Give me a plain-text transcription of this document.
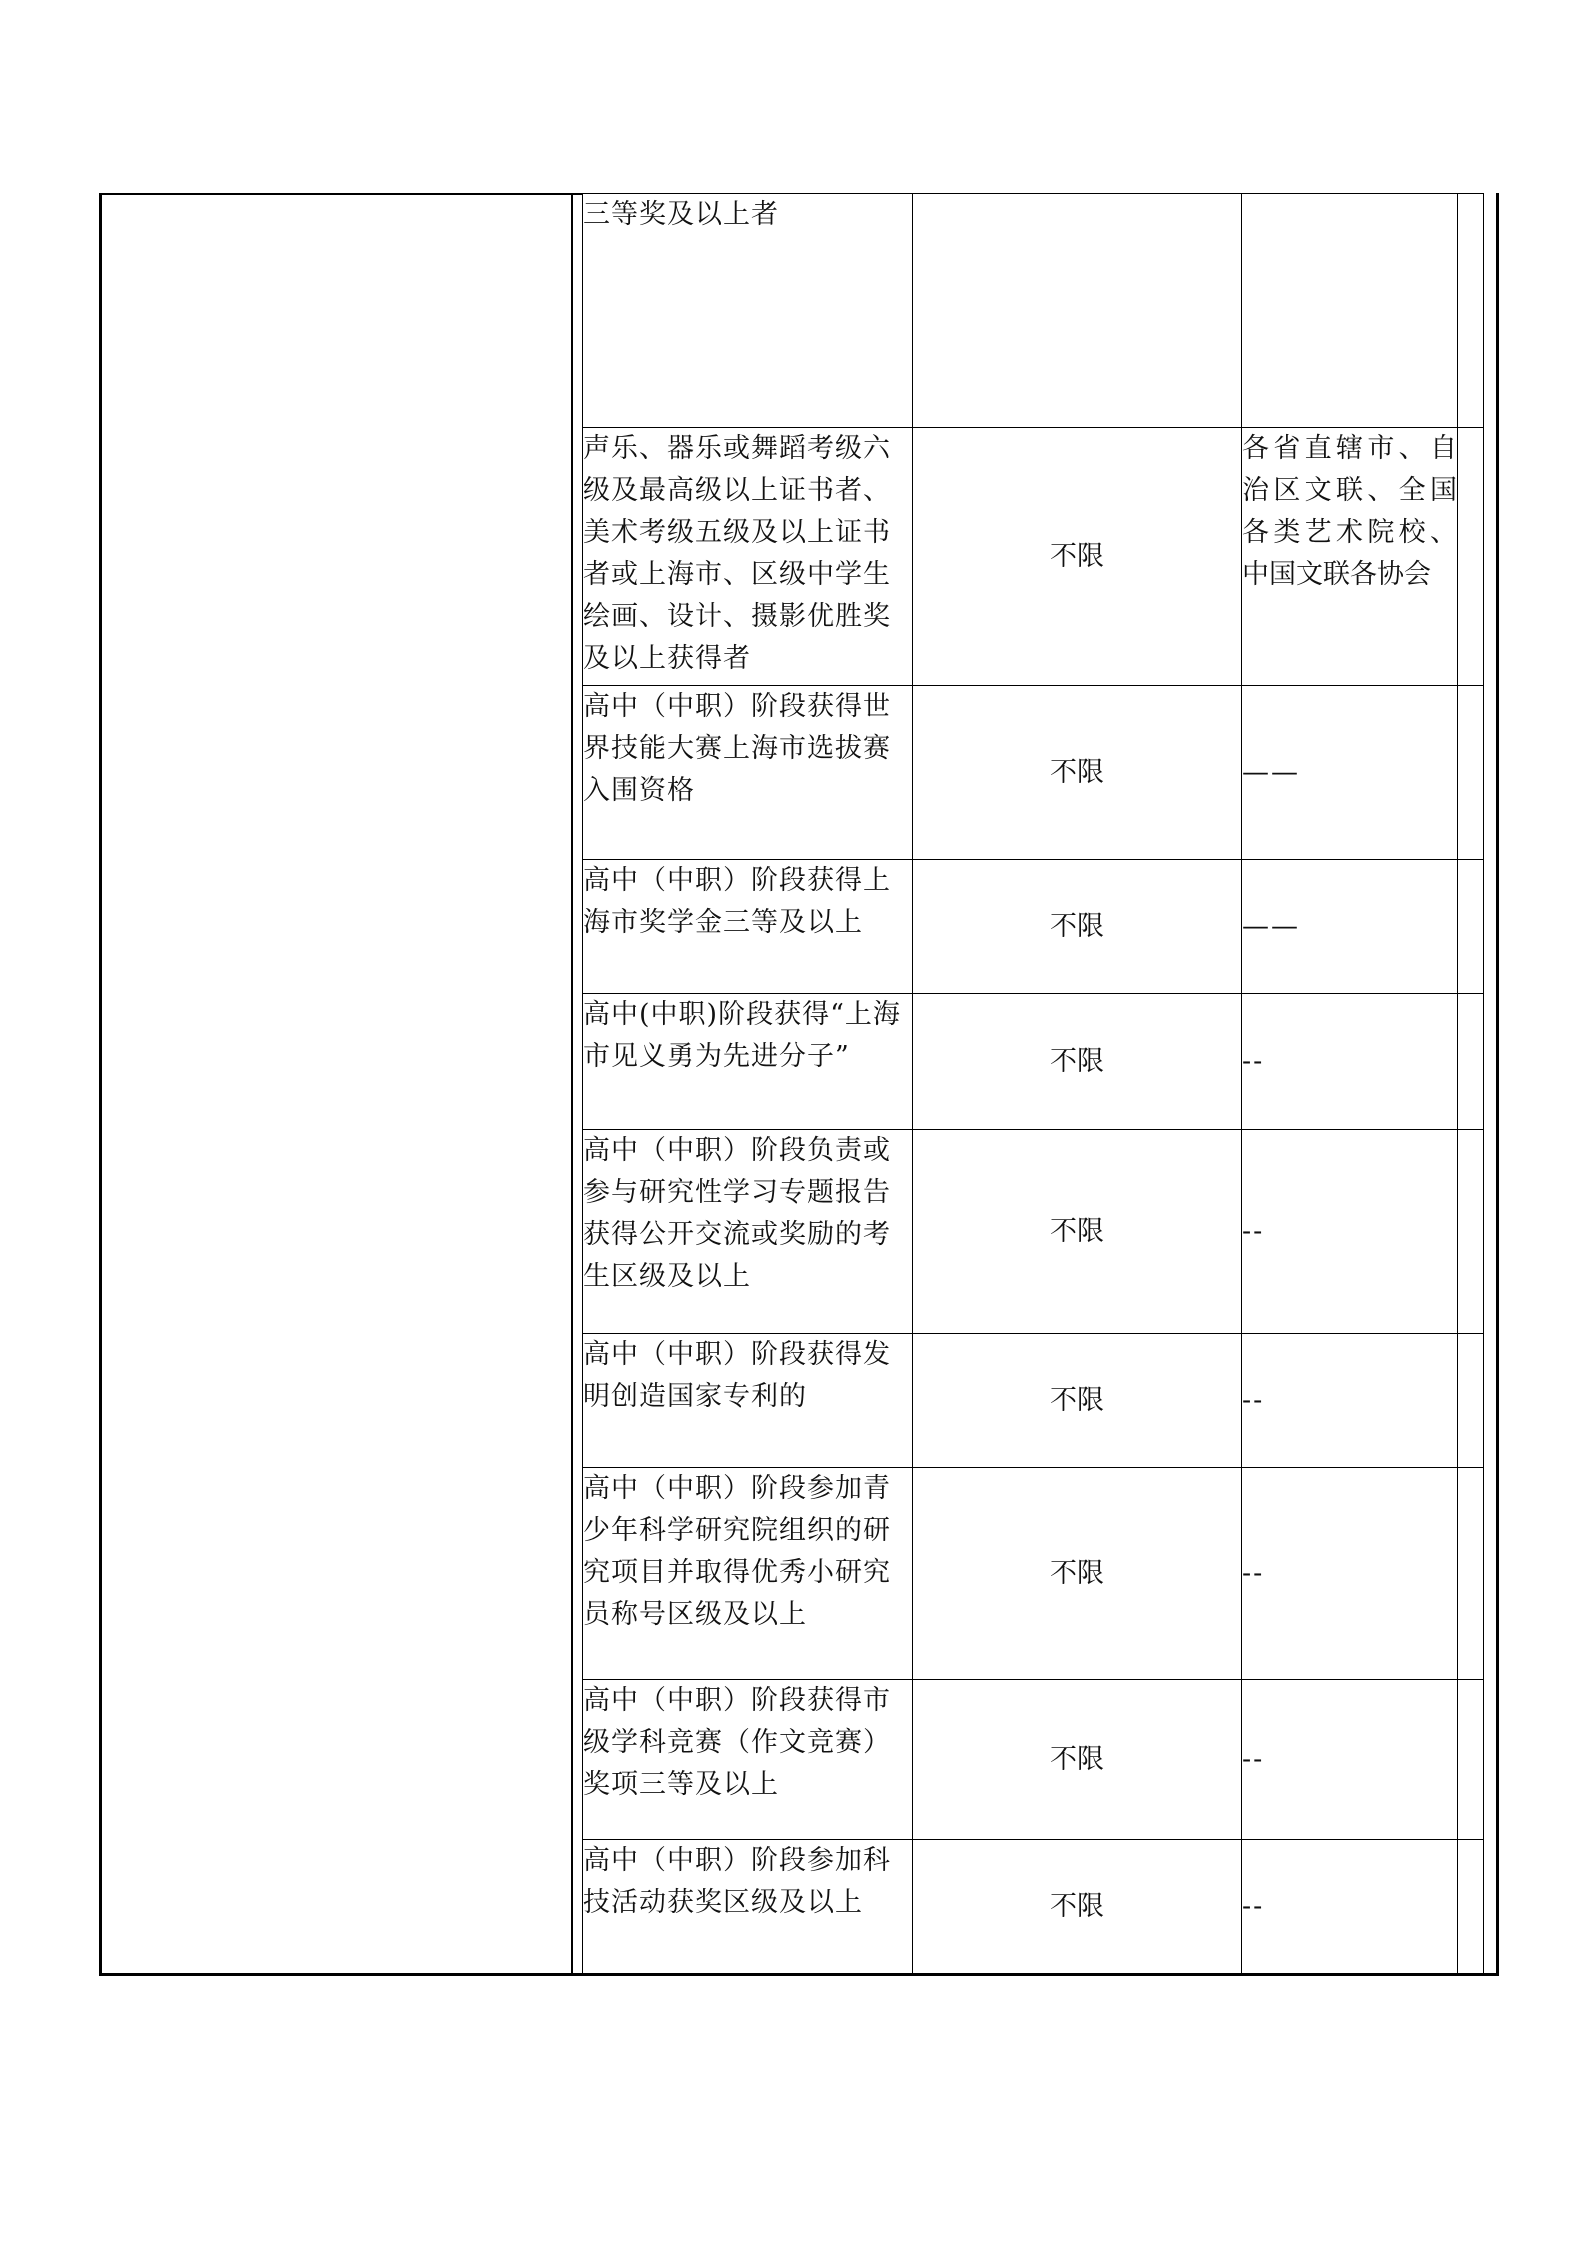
三等奖及以上者			
声乐、器乐或舞蹈考级六级及最高级以上证书者、美术考级五级及以上证书者或上海市、区级中学生绘画、设计、摄影优胜奖及以上获得者	不限	各省直辖市、自治区文联、全国各类艺术院校、中国文联各协会	
高中（中职）阶段获得世界技能大赛上海市选拔赛入围资格	不限	——	
高中（中职）阶段获得上海市奖学金三等及以上	不限	——	
高中(中职)阶段获得“上海市见义勇为先进分子”	不限	--	
高中（中职）阶段负责或参与研究性学习专题报告获得公开交流或奖励的考生区级及以上	不限	--	
高中（中职）阶段获得发明创造国家专利的	不限	--	
高中（中职）阶段参加青少年科学研究院组织的研究项目并取得优秀小研究员称号区级及以上	不限	--	
高中（中职）阶段获得市级学科竞赛（作文竞赛）奖项三等及以上	不限	--	
高中（中职）阶段参加科技活动获奖区级及以上	不限	--	
